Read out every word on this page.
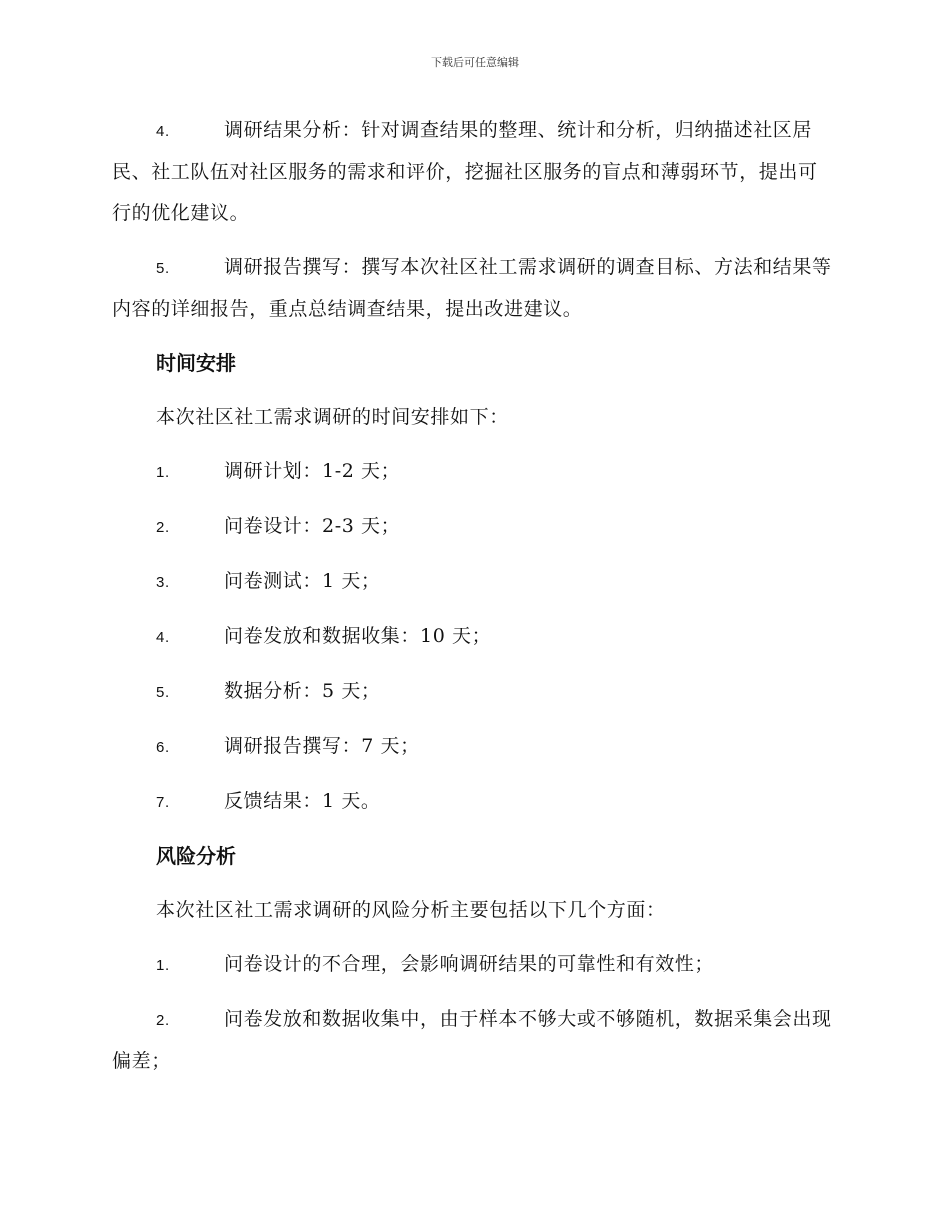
下载后可任意编辑

4.	调研结果分析：针对调查结果的整理、统计和分析，归纳描述社区居民、社工队伍对社区服务的需求和评价，挖掘社区服务的盲点和薄弱环节，提出可行的优化建议。

5.	调研报告撰写：撰写本次社区社工需求调研的调查目标、方法和结果等内容的详细报告，重点总结调查结果，提出改进建议。

时间安排
本次社区社工需求调研的时间安排如下：
1.	调研计划：1-2 天；
2.	问卷设计：2-3 天；
3.	问卷测试：1 天；
4.	问卷发放和数据收集：10 天；
5.	数据分析：5 天；
6.	调研报告撰写：7 天；
7.	反馈结果：1 天。
风险分析
本次社区社工需求调研的风险分析主要包括以下几个方面：
1.	问卷设计的不合理，会影响调研结果的可靠性和有效性；

2.	问卷发放和数据收集中，由于样本不够大或不够随机，数据采集会出现偏差；
